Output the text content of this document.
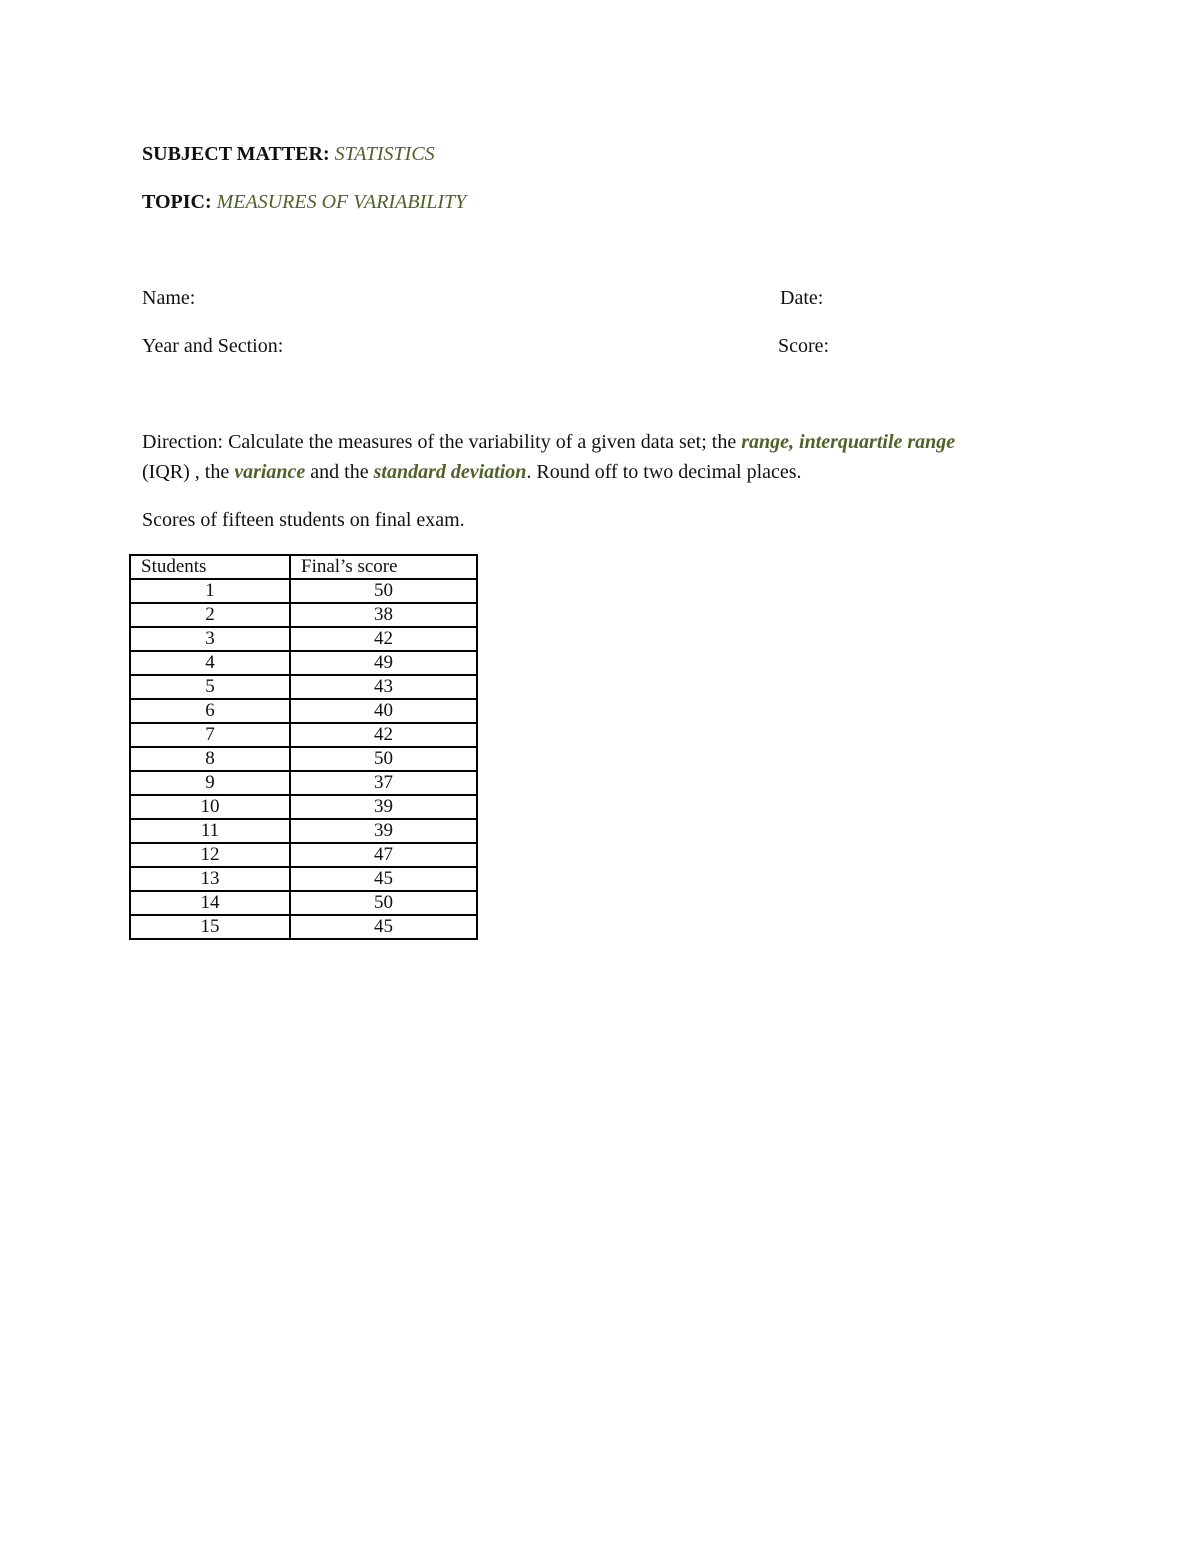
SUBJECT MATTER: STATISTICS
TOPIC: MEASURES OF VARIABILITY
Name:	Date:
Year and Section:	Score:
Direction: Calculate the measures of the variability of a given data set; the range, interquartile range
(IQR) , the variance and the standard deviation. Round off to two decimal places.
Scores of fifteen students on final exam.
Students	Final’s score
1	50
2	38
3	42
4	49
5	43
6	40
7	42
8	50
9	37
10	39
11	39
12	47
13	45
14	50
15	45
